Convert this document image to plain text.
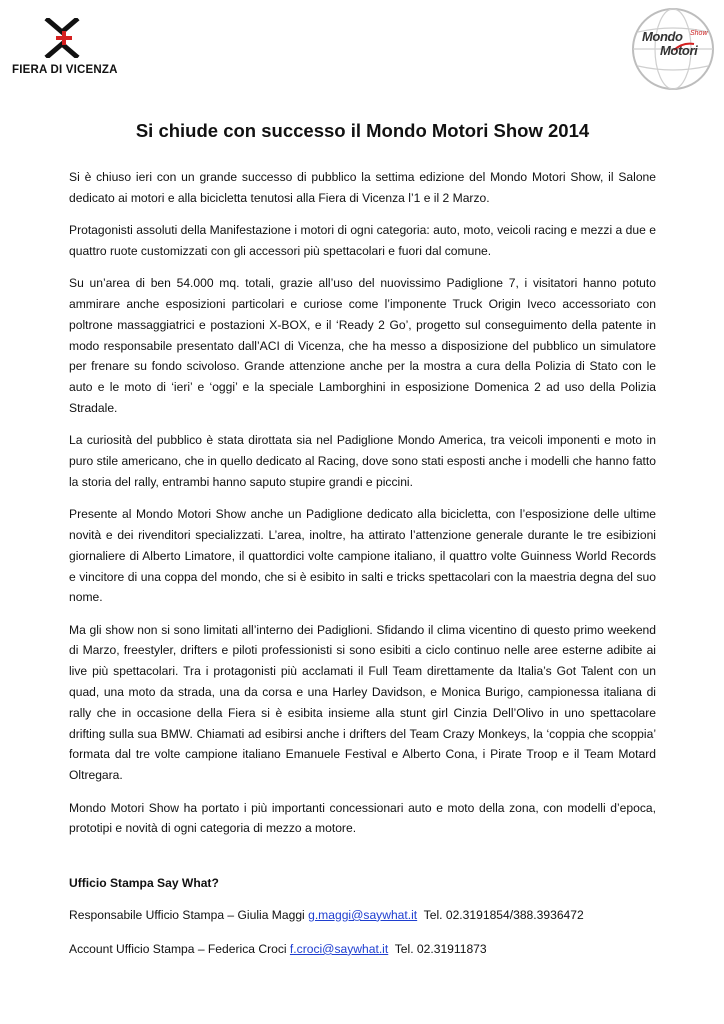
FIERA DI VICENZA
Mondo
Motori
Show
Si chiude con successo il Mondo Motori Show 2014

Si è chiuso ieri con un grande successo di pubblico la settima edizione del Mondo Motori Show, il Salone dedicato ai motori e alla bicicletta tenutosi alla Fiera di Vicenza l’1 e il 2 Marzo.

Protagonisti assoluti della Manifestazione i motori di ogni categoria: auto, moto, veicoli racing e mezzi a due e quattro ruote customizzati con gli accessori più spettacolari e fuori dal comune.

Su un’area di ben 54.000 mq. totali, grazie all’uso del nuovissimo Padiglione 7, i visitatori hanno potuto ammirare anche esposizioni particolari e curiose come l’imponente Truck Origin Iveco accessoriato con poltrone massaggiatrici e postazioni X-BOX, e il ‘Ready 2 Go’, progetto sul conseguimento della patente in modo responsabile presentato dall’ACI di Vicenza, che ha messo a disposizione del pubblico un simulatore per frenare su fondo scivoloso. Grande attenzione anche per la mostra a cura della Polizia di Stato con le auto e le moto di ‘ieri’ e ‘oggi’ e la speciale Lamborghini in esposizione Domenica 2 ad uso della Polizia Stradale.

La curiosità del pubblico è stata dirottata sia nel Padiglione Mondo America, tra veicoli imponenti e moto in puro stile americano, che in quello dedicato al Racing, dove sono stati esposti anche i modelli che hanno fatto la storia del rally, entrambi hanno saputo stupire grandi e piccini.

Presente al Mondo Motori Show anche un Padiglione dedicato alla bicicletta, con l’esposizione delle ultime novità e dei rivenditori specializzati. L’area, inoltre, ha attirato l’attenzione generale durante le tre esibizioni giornaliere di Alberto Limatore, il quattordici volte campione italiano, il quattro volte Guinness World Records e vincitore di una coppa del mondo, che si è esibito in salti e tricks spettacolari con la maestria degna del suo nome.

Ma gli show non si sono limitati all’interno dei Padiglioni. Sfidando il clima vicentino di questo primo weekend di Marzo, freestyler, drifters e piloti professionisti si sono esibiti a ciclo continuo nelle aree esterne adibite ai live più spettacolari. Tra i protagonisti più acclamati il Full Team direttamente da Italia’s Got Talent con un quad, una moto da strada, una da corsa e una Harley Davidson, e Monica Burigo, campionessa italiana di rally che in occasione della Fiera si è esibita insieme alla stunt girl Cinzia Dell’Olivo in uno spettacolare drifting sulla sua BMW. Chiamati ad esibirsi anche i drifters del Team Crazy Monkeys, la ‘coppia che scoppia’ formata dal tre volte campione italiano Emanuele Festival e Alberto Cona, i Pirate Troop e il Team Motard Oltregara.

Mondo Motori Show ha portato i più importanti concessionari auto e moto della zona, con modelli d’epoca, prototipi e novità di ogni categoria di mezzo a motore.

Ufficio Stampa Say What?
Responsabile Ufficio Stampa – Giulia Maggi g.maggi@saywhat.it  Tel. 02.3191854/388.3936472
Account Ufficio Stampa – Federica Croci f.croci@saywhat.it  Tel. 02.31911873
